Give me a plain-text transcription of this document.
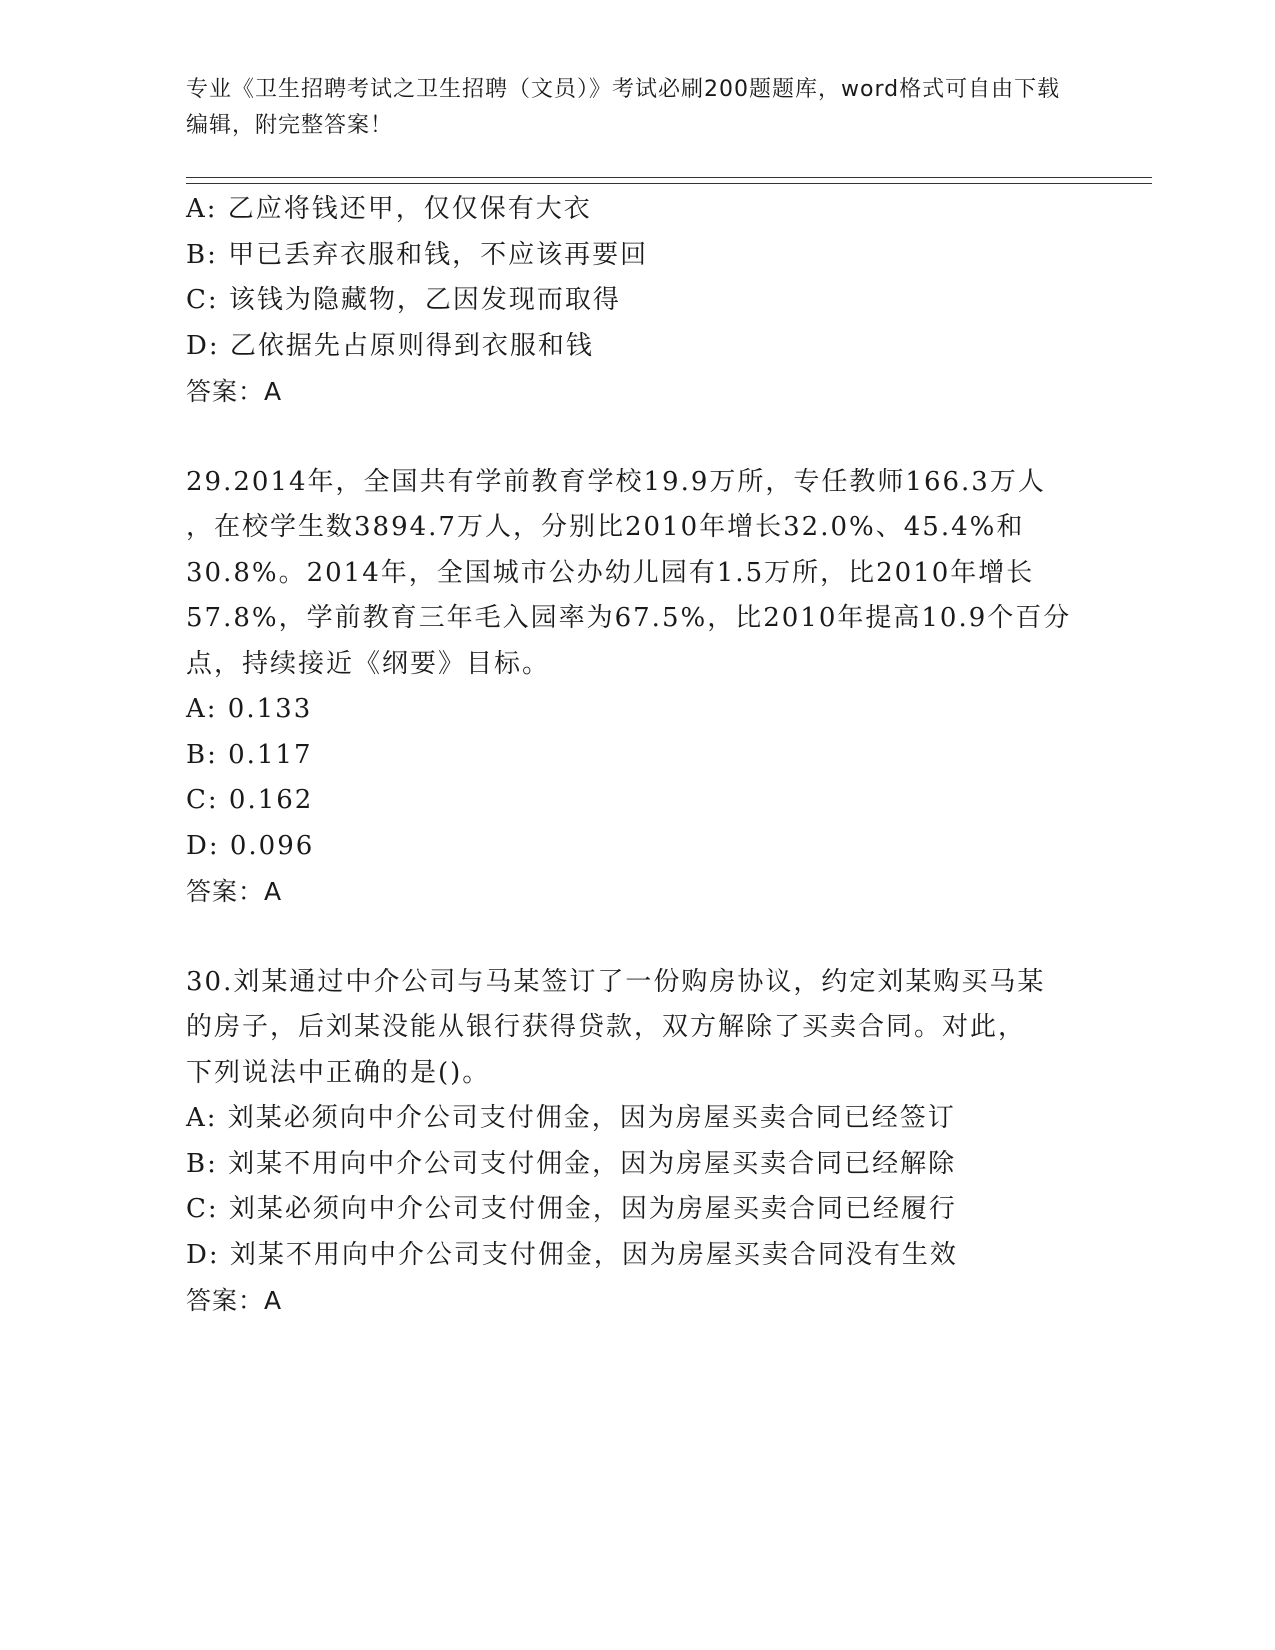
专业《卫生招聘考试之卫生招聘（文员）》考试必刷200题题库，word格式可自由下载编辑，附完整答案！
A: 乙应将钱还甲，仅仅保有大衣
B: 甲已丢弃衣服和钱，不应该再要回
C: 该钱为隐藏物，乙因发现而取得
D: 乙依据先占原则得到衣服和钱
答案：A
29.2014年，全国共有学前教育学校19.9万所，专任教师166.3万人
，在校学生数3894.7万人，分别比2010年增长32.0%、45.4%和
30.8%。2014年，全国城市公办幼儿园有1.5万所，比2010年增长
57.8%，学前教育三年毛入园率为67.5%，比2010年提高10.9个百分
点，持续接近《纲要》目标。
A: 0.133
B: 0.117
C: 0.162
D: 0.096
答案：A
30.刘某通过中介公司与马某签订了一份购房协议，约定刘某购买马某
的房子，后刘某没能从银行获得贷款，双方解除了买卖合同。对此，
下列说法中正确的是()。
A: 刘某必须向中介公司支付佣金，因为房屋买卖合同已经签订
B: 刘某不用向中介公司支付佣金，因为房屋买卖合同已经解除
C: 刘某必须向中介公司支付佣金，因为房屋买卖合同已经履行
D: 刘某不用向中介公司支付佣金，因为房屋买卖合同没有生效
答案：A
